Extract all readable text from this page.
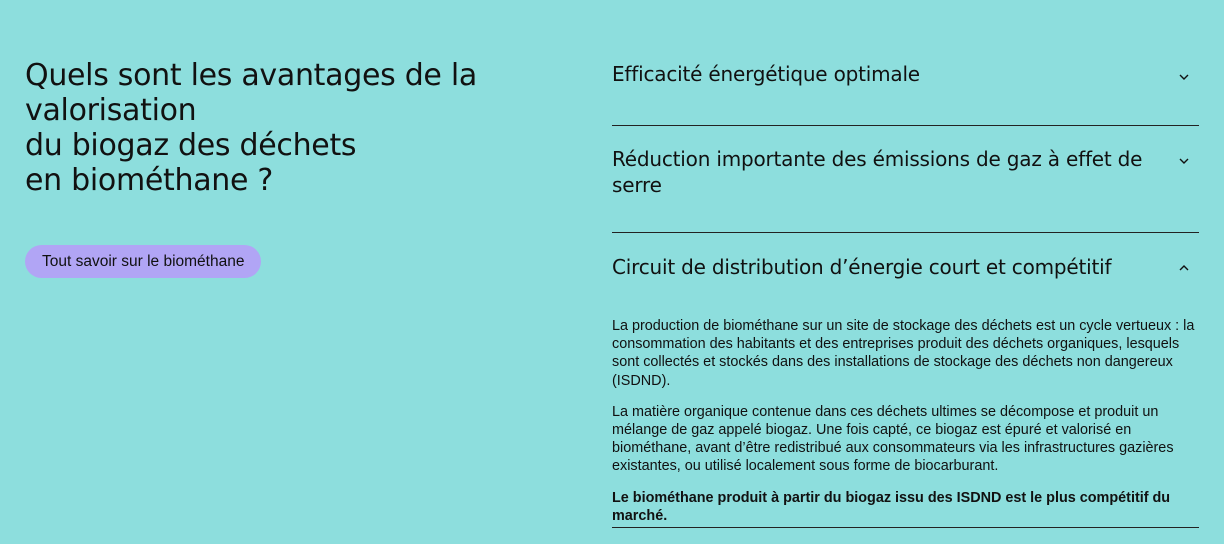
Quels sont les avantages de la
valorisation
du biogaz des déchets
en biométhane ?
Tout savoir sur le biométhane
Efficacité énergétique optimale
Réduction importante des émissions de gaz à effet de serre
Circuit de distribution d’énergie court et compétitif

La production de biométhane sur un site de stockage des déchets est un cycle vertueux : la consommation des habitants et des entreprises produit des déchets organiques, lesquels sont collectés et stockés dans des installations de stockage des déchets non dangereux (ISDND).

La matière organique contenue dans ces déchets ultimes se décompose et produit un mélange de gaz appelé biogaz. Une fois capté, ce biogaz est épuré et valorisé en biométhane, avant d’être redistribué aux consommateurs via les infrastructures gazières existantes, ou utilisé localement sous forme de biocarburant.

Le biométhane produit à partir du biogaz issu des ISDND est le plus compétitif du marché.
